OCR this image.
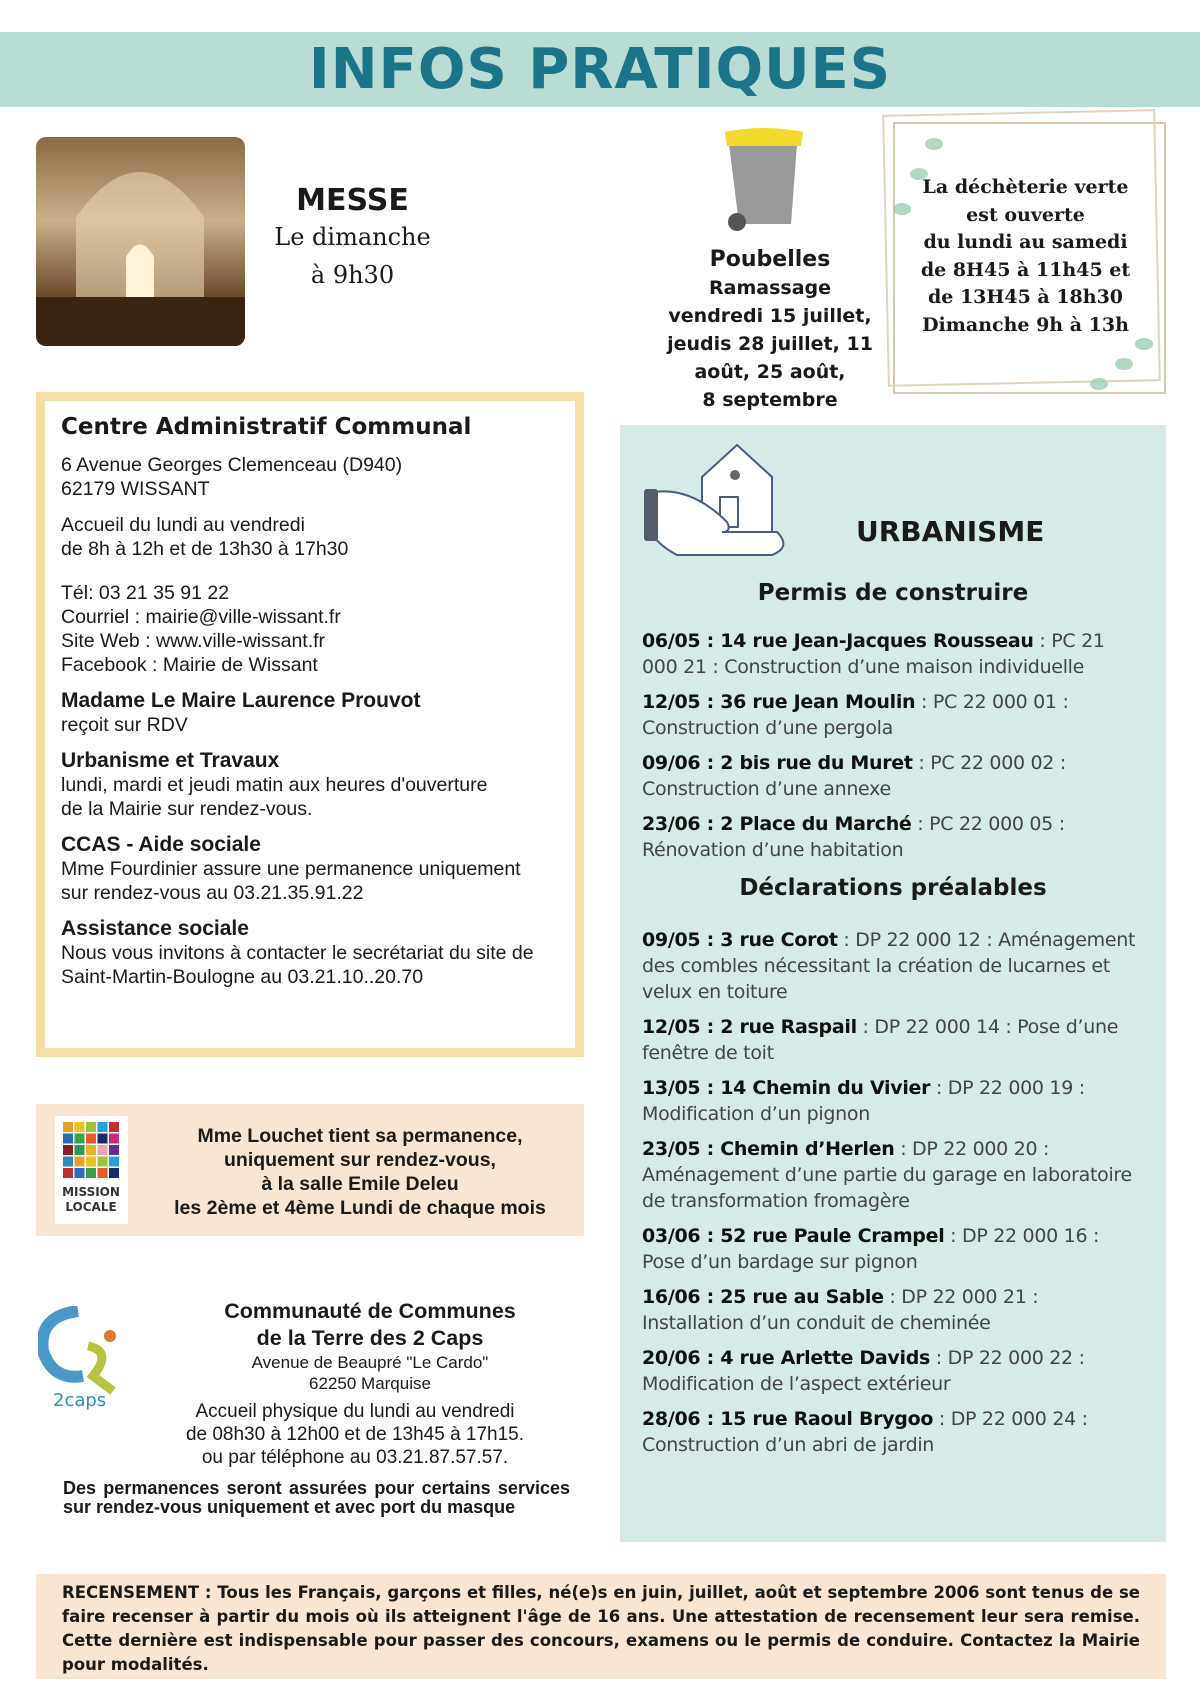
INFOS PRATIQUES
MESSE
Le dimanche
à 9h30
Poubelles
Ramassage
vendredi 15 juillet,
jeudis 28 juillet, 11
août, 25 août,
8 septembre
La déchèterie verte
est ouverte
du lundi au samedi
de 8H45 à 11h45 et
de 13H45 à 18h30
Dimanche 9h à 13h
Centre Administratif Communal

6 Avenue Georges Clemenceau (D940)
62179 WISSANT

Accueil du lundi au vendredi
de 8h à 12h et de 13h30 à 17h30

Tél: 03 21 35 91 22
Courriel : mairie@ville-wissant.fr
Site Web : www.ville-wissant.fr
Facebook : Mairie de Wissant

Madame Le Maire Laurence Prouvot
reçoit sur RDV

Urbanisme et Travaux
lundi, mardi et jeudi matin aux heures d'ouverture
de la Mairie sur rendez-vous.

CCAS - Aide sociale
Mme Fourdinier assure une permanence uniquement
sur rendez-vous au 03.21.35.91.22

Assistance sociale
Nous vous invitons à contacter le secrétariat du site de
Saint-Martin-Boulogne au 03.21.10..20.70

URBANISME
Permis de construire
06/05 : 14 rue Jean-Jacques Rousseau : PC 21 000 21 : Construction d’une maison individuelle
12/05 : 36 rue Jean Moulin : PC 22 000 01 : Construction d’une pergola
09/06 : 2 bis rue du Muret : PC 22 000 02 : Construction d’une annexe
23/06 : 2 Place du Marché : PC 22 000 05 : Rénovation d’une habitation
Déclarations préalables
09/05 : 3 rue Corot : DP 22 000 12 : Aménagement des combles nécessitant la création de lucarnes et velux en toiture
12/05 : 2 rue Raspail : DP 22 000 14 : Pose d’une fenêtre de toit
13/05 : 14 Chemin du Vivier : DP 22 000 19 : Modification d’un pignon
23/05 : Chemin d’Herlen : DP 22 000 20 : Aménagement d’une partie du garage en laboratoire de transformation fromagère
03/06 : 52 rue Paule Crampel : DP 22 000 16 : Pose d’un bardage sur pignon
16/06 : 25 rue au Sable : DP 22 000 21 : Installation d’un conduit de cheminée
20/06 : 4 rue Arlette Davids : DP 22 000 22 : Modification de l’aspect extérieur
28/06 : 15 rue Raoul Brygoo : DP 22 000 24 : Construction d’un abri de jardin
MISSION
LOCALE
Mme Louchet tient sa permanence,
uniquement sur rendez-vous,
à la salle Emile Deleu
les 2ème et 4ème Lundi de chaque mois
2caps
Communauté de Communes
de la Terre des 2 Caps
Avenue de Beaupré "Le Cardo"
62250 Marquise
Accueil physique du lundi au vendredi
de 08h30 à 12h00 et de 13h45 à 17h15.
ou par téléphone au 03.21.87.57.57.
Des permanences seront assurées pour certains services sur rendez-vous uniquement et avec port du masque
RECENSEMENT : Tous les Français, garçons et filles, né(e)s en juin, juillet, août et septembre 2006 sont tenus de se faire recenser à partir du mois où ils atteignent l'âge de 16 ans. Une attestation de recensement leur sera remise. Cette dernière est indispensable pour passer des concours, examens ou le permis de conduire. Contactez la Mairie pour modalités.
